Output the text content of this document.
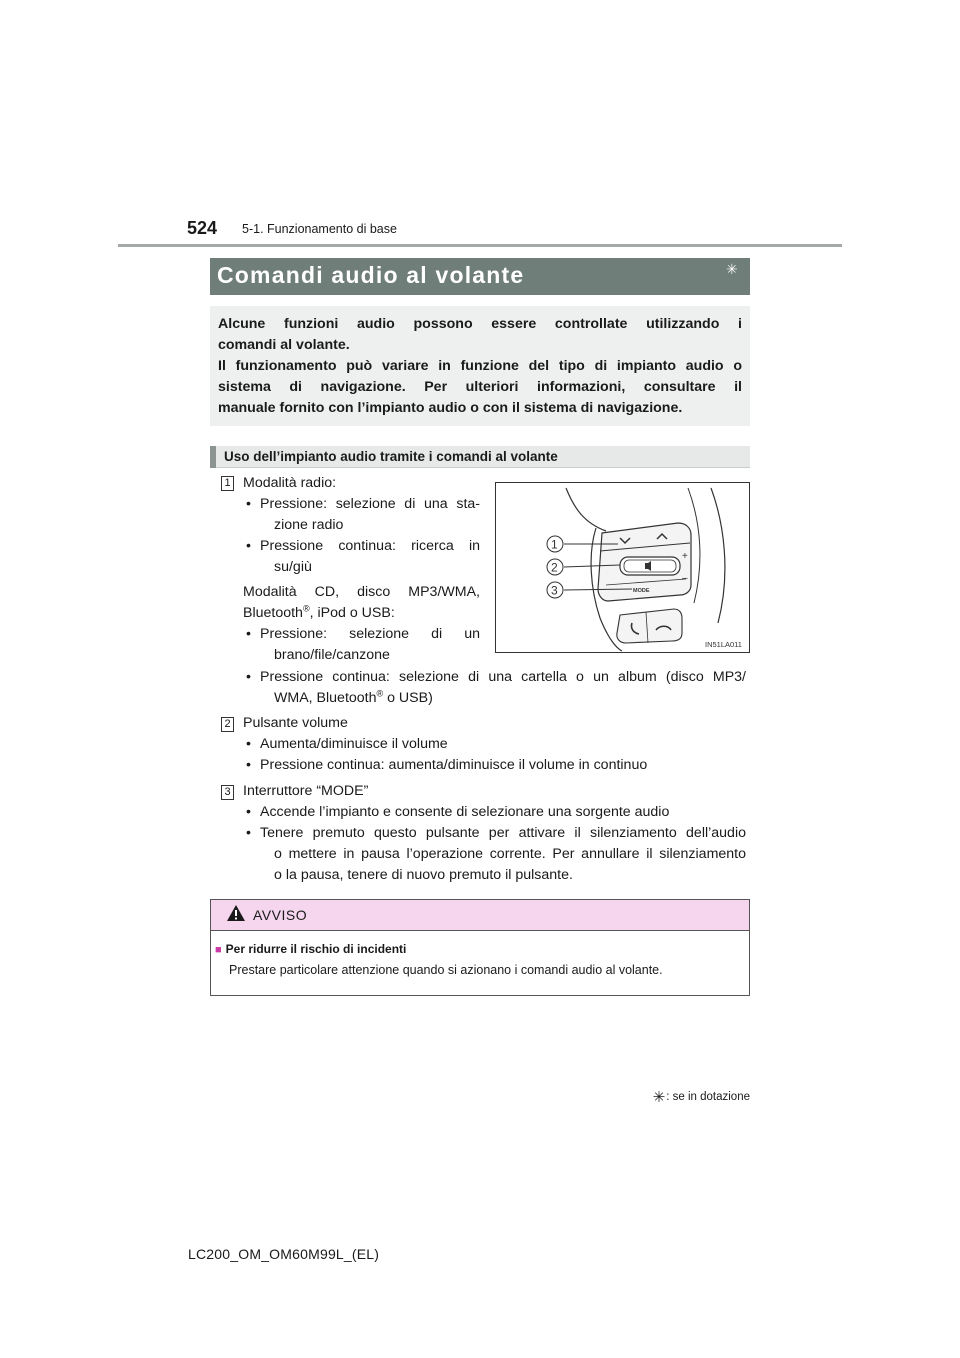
524 5-1. Funzionamento di base
Comandi audio al volante	✳
Alcune funzioni audio possono essere controllate utilizzando i
comandi al volante.
Il funzionamento può variare in funzione del tipo di impianto audio o
sistema di navigazione. Per ulteriori informazioni, consultare il
manuale fornito con l’impianto audio o con il sistema di navigazione.
Uso dell’impianto audio tramite i comandi al volante
1 Modalità radio:
• Pressione: selezione di una sta-
zione radio
• Pressione continua: ricerca in
su/giù
Modalità CD, disco MP3/WMA,
Bluetooth®, iPod o USB:
• Pressione: selezione di un
brano/file/canzone
• Pressione continua: selezione di una cartella o un album (disco MP3/
WMA, Bluetooth® o USB)
2 Pulsante volume
• Aumenta/diminuisce il volume
• Pressione continua: aumenta/diminuisce il volume in continuo
3 Interruttore “MODE”
• Accende l’impianto e consente di selezionare una sorgente audio
• Tenere premuto questo pulsante per attivare il silenziamento dell’audio
o mettere in pausa l’operazione corrente. Per annullare il silenziamento
o la pausa, tenere di nuovo premuto il pulsante.
+
–
MODE
1
2
3
IN51LA011
AVVISO
■ Per ridurre il rischio di incidenti
Prestare particolare attenzione quando si azionano i comandi audio al volante.
✳: se in dotazione
LC200_OM_OM60M99L_(EL)
